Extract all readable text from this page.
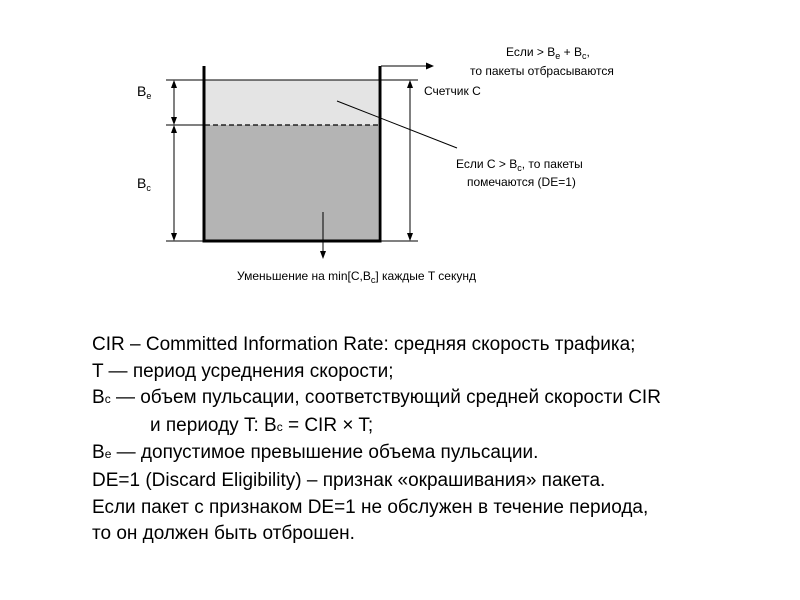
$B_e$
$B_c$
Если > $B_e + B_c$,
то пакеты отбрасываются
Счетчик C
Если $C > B_c$, то пакеты
помечаются (DE=1)
Уменьшение на $\min[C,B_c]$ каждые T секунд
CIR – Committed Information Rate: средняя скорость трафика;
T — период усреднения скорости;
Bc — объем пульсации, соответствующий средней скорости CIR
и периоду T: Bc = CIR × T;
Be — допустимое превышение объема пульсации.
DE=1 (Discard Eligibility) – признак «окрашивания» пакета.
Если пакет с признаком DE=1 не обслужен в течение периода,
то он должен быть отброшен.
